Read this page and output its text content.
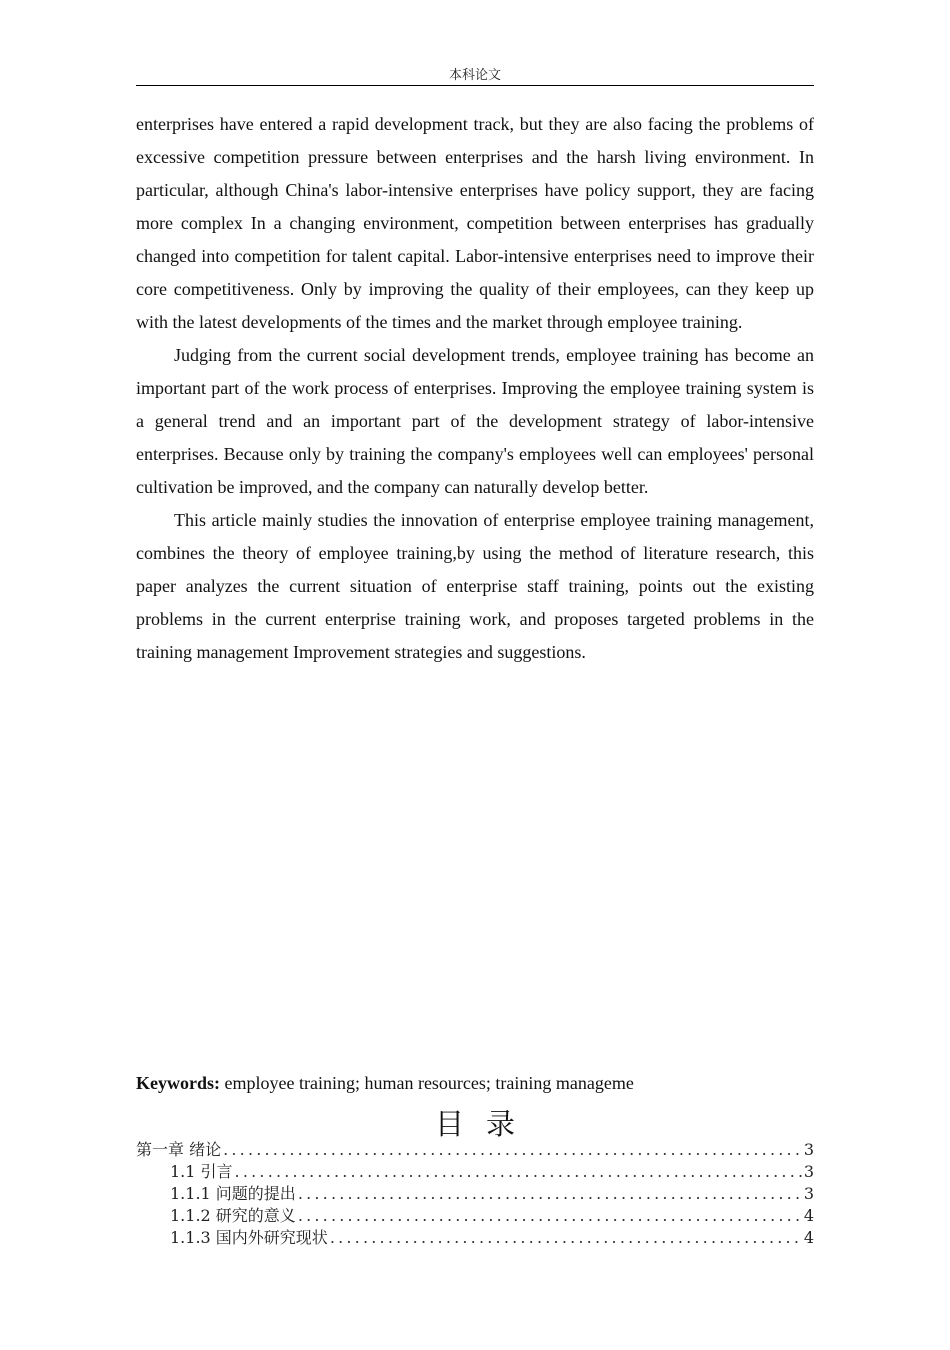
本科论文

enterprises have entered a rapid development track, but they are also facing the problems of excessive competition pressure between enterprises and the harsh living environment. In particular, although China's labor-intensive enterprises have policy support, they are facing more complex In a changing environment, competition between enterprises has gradually changed into competition for talent capital. Labor-intensive enterprises need to improve their core competitiveness. Only by improving the quality of their employees, can they keep up with the latest developments of the times and the market through employee training.

Judging from the current social development trends, employee training has become an important part of the work process of enterprises. Improving the employee training system is a general trend and an important part of the development strategy of labor-intensive enterprises. Because only by training the company's employees well can employees' personal cultivation be improved, and the company can naturally develop better.

This article mainly studies the innovation of enterprise employee training management, combines the theory of employee training,by using the method of literature research, this paper analyzes the current situation of enterprise staff training, points out the existing problems in the current enterprise training work, and proposes targeted problems in the training management Improvement strategies and suggestions.

Keywords: employee training; human resources; training manageme
目录
第一章 绪论 .....	3
1.1 引言 .....	3
1.1.1 问题的提出 .....	3
1.1.2 研究的意义 .....	4
1.1.3 国内外研究现状 .....	4
